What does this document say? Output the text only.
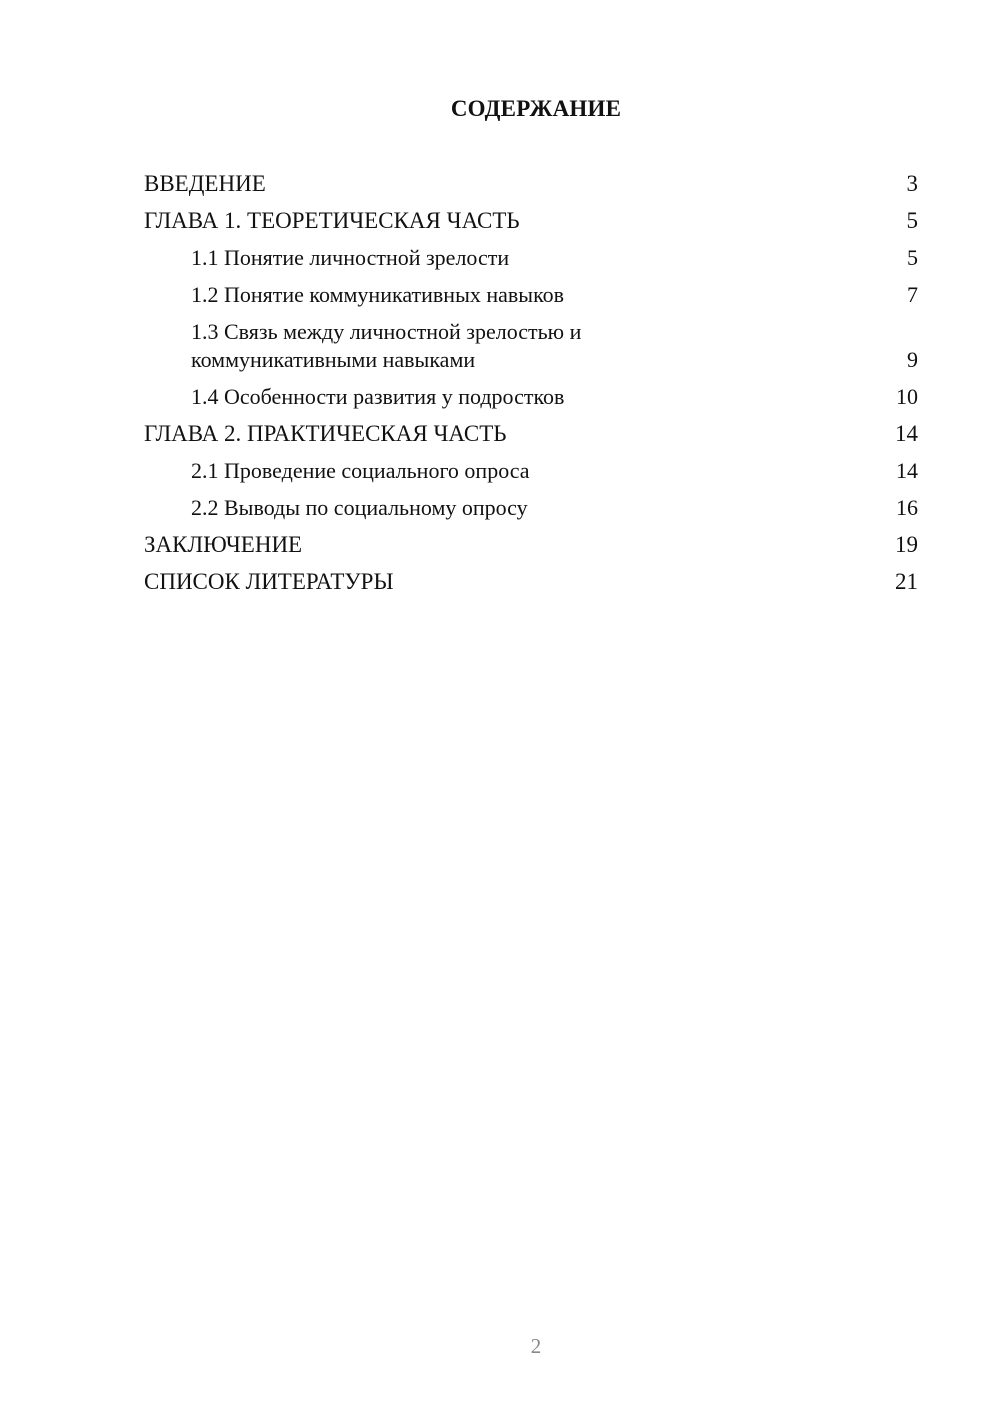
СОДЕРЖАНИЕ
ВВЕДЕНИЕ	3
ГЛАВА 1. ТЕОРЕТИЧЕСКАЯ ЧАСТЬ	5
1.1 Понятие личностной зрелости	5
1.2 Понятие коммуникативных навыков	7
1.3 Связь между личностной зрелостью и
коммуникативными навыками	9
1.4 Особенности развития у подростков	10
ГЛАВА 2. ПРАКТИЧЕСКАЯ ЧАСТЬ	14
2.1 Проведение социального опроса	14
2.2 Выводы по социальному опросу	16
ЗАКЛЮЧЕНИЕ	19
СПИСОК ЛИТЕРАТУРЫ	21
2
